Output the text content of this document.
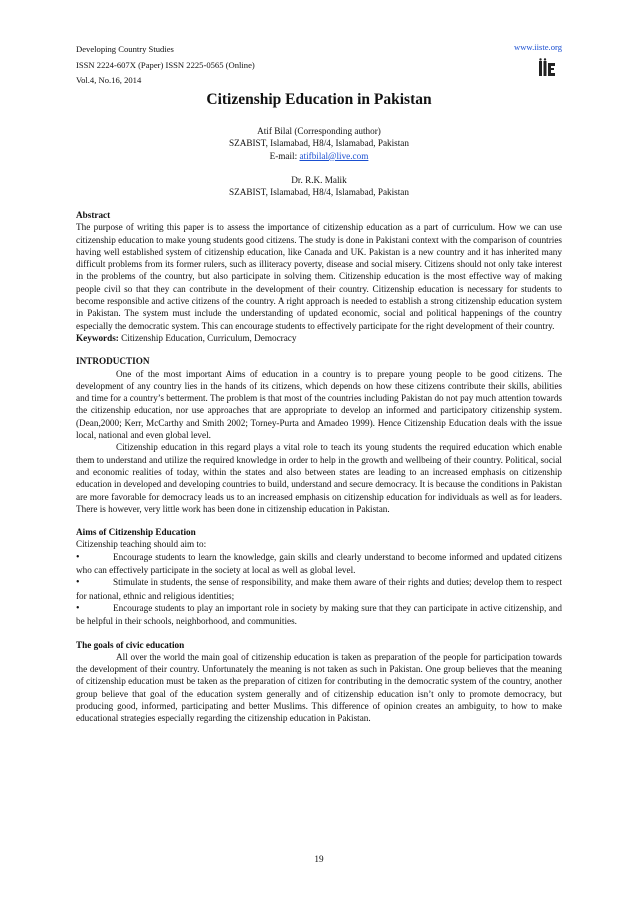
Developing Country Studies
ISSN 2224-607X (Paper) ISSN 2225-0565 (Online)
Vol.4, No.16, 2014
www.iiste.org
Citizenship Education in Pakistan
Atif Bilal (Corresponding author)
SZABIST, Islamabad, H8/4, Islamabad, Pakistan
E-mail: atifbilal@live.com
Dr. R.K. Malik
SZABIST, Islamabad, H8/4, Islamabad, Pakistan
Abstract

The purpose of writing this paper is to assess the importance of citizenship education as a part of curriculum. How we can use citizenship education to make young students good citizens. The study is done in Pakistani context with the comparison of countries having well established system of citizenship education, like Canada and UK. Pakistan is a new country and it has inherited many difficult problems from its former rulers, such as illiteracy poverty, disease and social misery. Citizens should not only take interest in the problems of the country, but also participate in solving them. Citizenship education is the most effective way of making people civil so that they can contribute in the development of their country. Citizenship education is necessary for students to become responsible and active citizens of the country. A right approach is needed to establish a strong citizenship education system in Pakistan. The system must include the understanding of updated economic, social and political happenings of the country especially the democratic system. This can encourage students to effectively participate for the right development of their country.

Keywords: Citizenship Education, Curriculum, Democracy

INTRODUCTION

One of the most important Aims of education in a country is to prepare young people to be good citizens. The development of any country lies in the hands of its citizens, which depends on how these citizens contribute their skills, abilities and time for a country’s betterment. The problem is that most of the countries including Pakistan do not pay much attention towards the citizenship education, nor use approaches that are appropriate to develop an informed and participatory citizenship system. (Dean,2000; Kerr, McCarthy and Smith 2002; Torney-Purta and Amadeo 1999). Hence Citizenship Education deals with the issue local, national and even global level.

Citizenship education in this regard plays a vital role to teach its young students the required education which enable them to understand and utilize the required knowledge in order to help in the growth and wellbeing of their country. Political, social and economic realities of today, within the states and also between states are leading to an increased emphasis on citizenship education in developed and developing countries to build, understand and secure democracy. It is because the conditions in Pakistan are more favorable for democracy leads us to an increased emphasis on citizenship education for individuals as well as for leaders. There is however, very little work has been done in citizenship education in Pakistan.

Aims of Citizenship Education

Citizenship teaching should aim to:

•	Encourage students to learn the knowledge, gain skills and clearly understand to become informed and updated citizens who can effectively participate in the society at local as well as global level.

•	Stimulate in students, the sense of responsibility, and make them aware of their rights and duties; develop them to respect for national, ethnic and religious identities;

•	Encourage students to play an important role in society by making sure that they can participate in active citizenship, and be helpful in their schools, neighborhood, and communities.

The goals of civic education

All over the world the main goal of citizenship education is taken as preparation of the people for participation towards the development of their country. Unfortunately the meaning is not taken as such in Pakistan. One group believes that the meaning of citizenship education must be taken as the preparation of citizen for contributing in the democratic system of the country, another group believe that goal of the education system generally and of citizenship education isn’t only to promote democracy, but producing good, informed, participating and better Muslims. This difference of opinion creates an ambiguity, to how to make educational strategies especially regarding the citizenship education in Pakistan.

19
